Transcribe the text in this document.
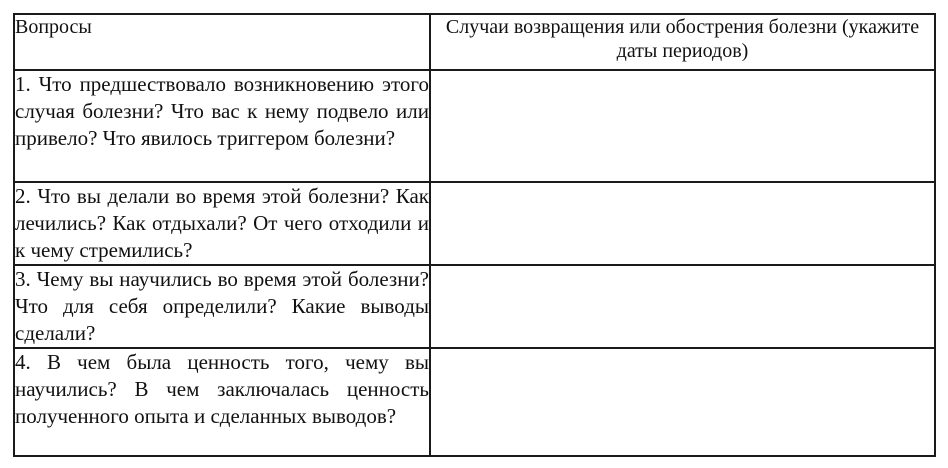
Вопросы	Случаи возвращения или обострения болезни (укажите даты периодов)
1. Что предшествовало возникновению этого случая болезни? Что вас к нему подвело или привело? Что явилось триггером болезни?	
2. Что вы делали во время этой болезни? Как лечились? Как отдыхали? От чего отходили и к чему стремились?	
3. Чему вы научились во время этой болезни? Что для себя определили? Какие выводы сделали?	
4. В чем была ценность того, чему вы научились? В чем заключалась ценность полученного опыта и сделанных выводов?	
